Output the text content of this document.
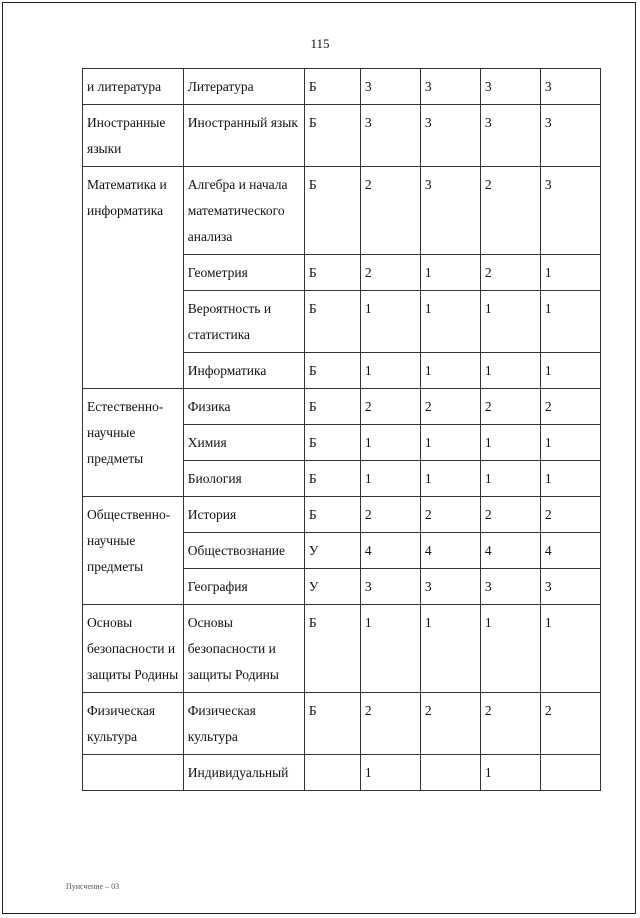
115
и литература	Литература	Б	3	3	3	3
Иностранные языки	Иностранный язык	Б	3	3	3	3
Математика и информатика	Алгебра и начала математического анализа	Б	2	3	2	3
	Геометрия	Б	2	1	2	1
	Вероятность и статистика	Б	1	1	1	1
	Информатика	Б	1	1	1	1
Естественно-научные предметы	Физика	Б	2	2	2	2
	Химия	Б	1	1	1	1
	Биология	Б	1	1	1	1
Общественно-научные предметы	История	Б	2	2	2	2
	Обществознание	У	4	4	4	4
	География	У	3	3	3	3
Основы безопасности и защиты Родины	Основы безопасности и защиты Родины	Б	1	1	1	1
Физическая культура	Физическая культура	Б	2	2	2	2
	Индивидуальный		1		1	
Пуисчение – 03
